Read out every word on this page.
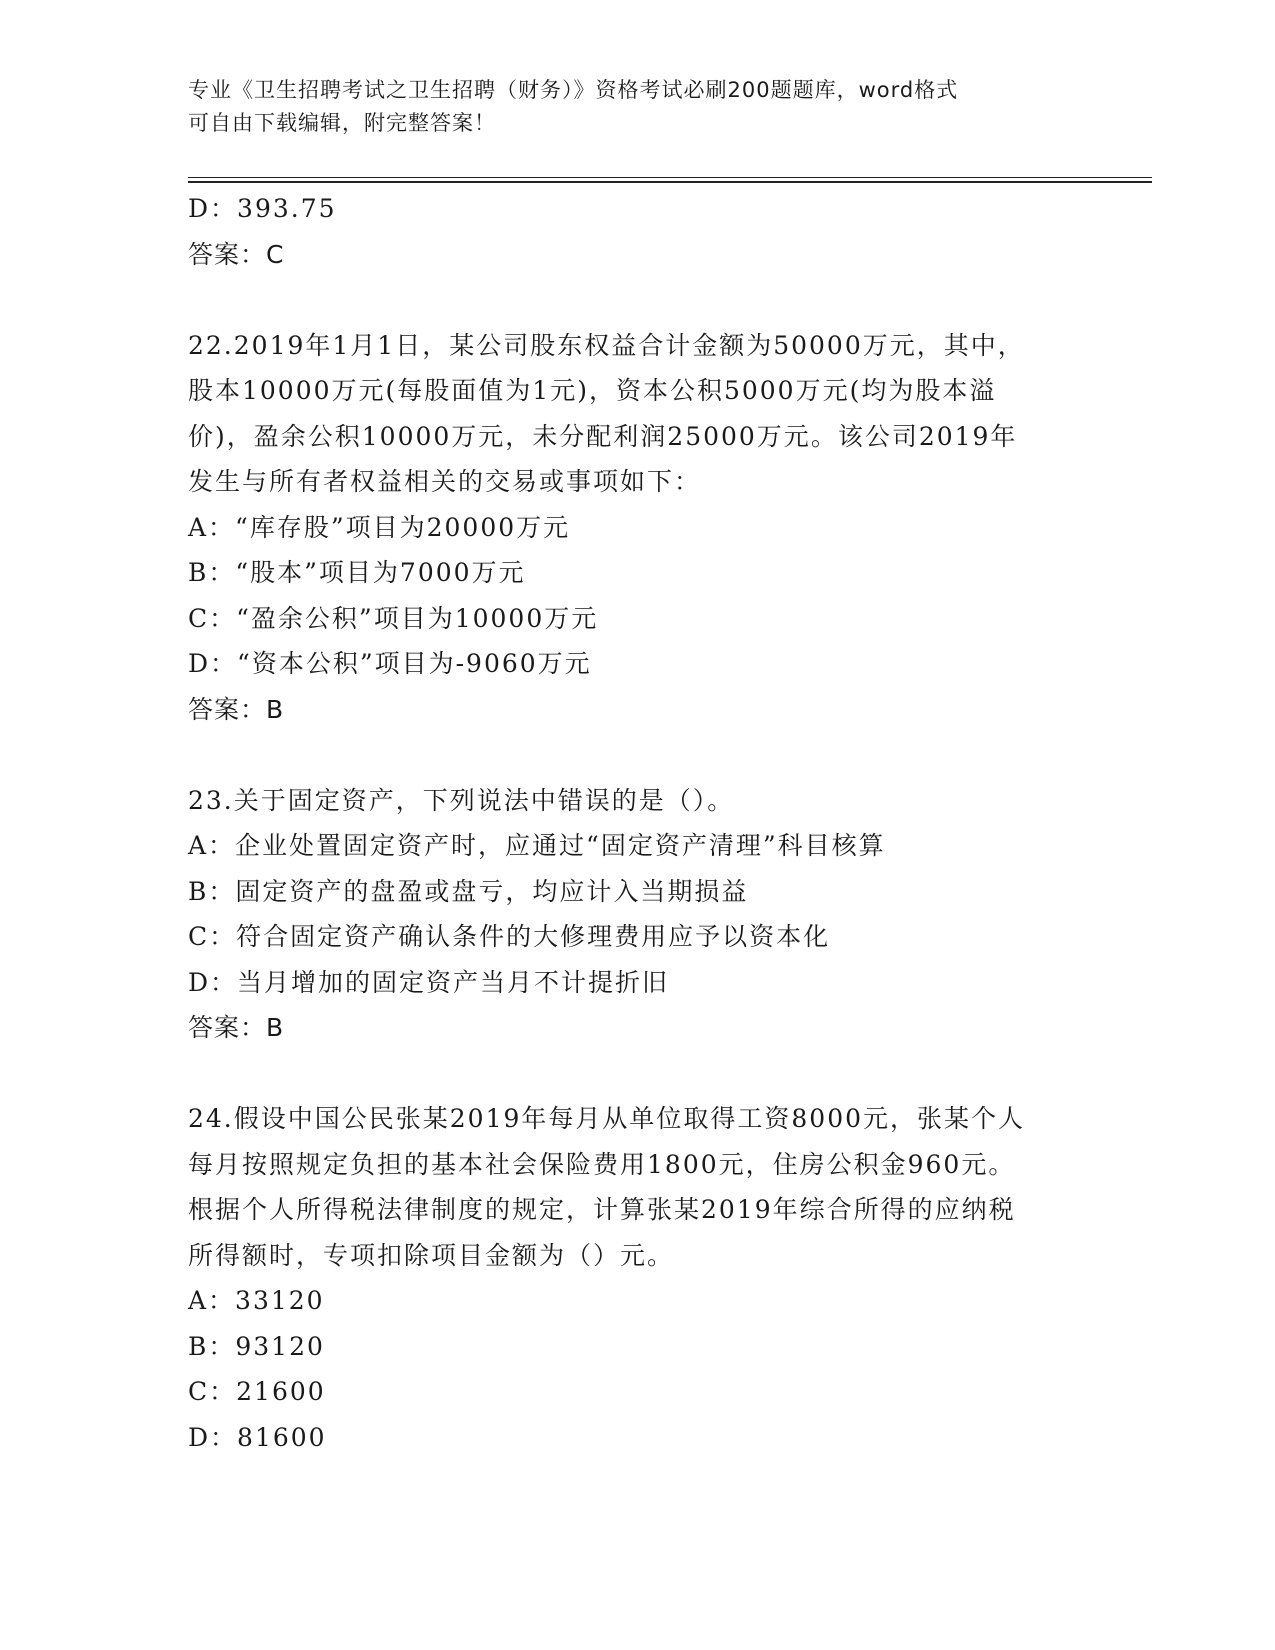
专业《卫生招聘考试之卫生招聘（财务）》资格考试必刷200题题库，word格式
可自由下载编辑，附完整答案！
D：393.75
答案：C
22.2019年1月1日，某公司股东权益合计金额为50000万元，其中，
股本10000万元(每股面值为1元)，资本公积5000万元(均为股本溢
价)，盈余公积10000万元，未分配利润25000万元。该公司2019年
发生与所有者权益相关的交易或事项如下：
A：“库存股”项目为20000万元
B：“股本”项目为7000万元
C：“盈余公积”项目为10000万元
D：“资本公积”项目为-9060万元
答案：B
23.关于固定资产，下列说法中错误的是（）。
A：企业处置固定资产时，应通过“固定资产清理”科目核算
B：固定资产的盘盈或盘亏，均应计入当期损益
C：符合固定资产确认条件的大修理费用应予以资本化
D：当月增加的固定资产当月不计提折旧
答案：B
24.假设中国公民张某2019年每月从单位取得工资8000元，张某个人
每月按照规定负担的基本社会保险费用1800元，住房公积金960元。
根据个人所得税法律制度的规定，计算张某2019年综合所得的应纳税
所得额时，专项扣除项目金额为（）元。
A：33120
B：93120
C：21600
D：81600
